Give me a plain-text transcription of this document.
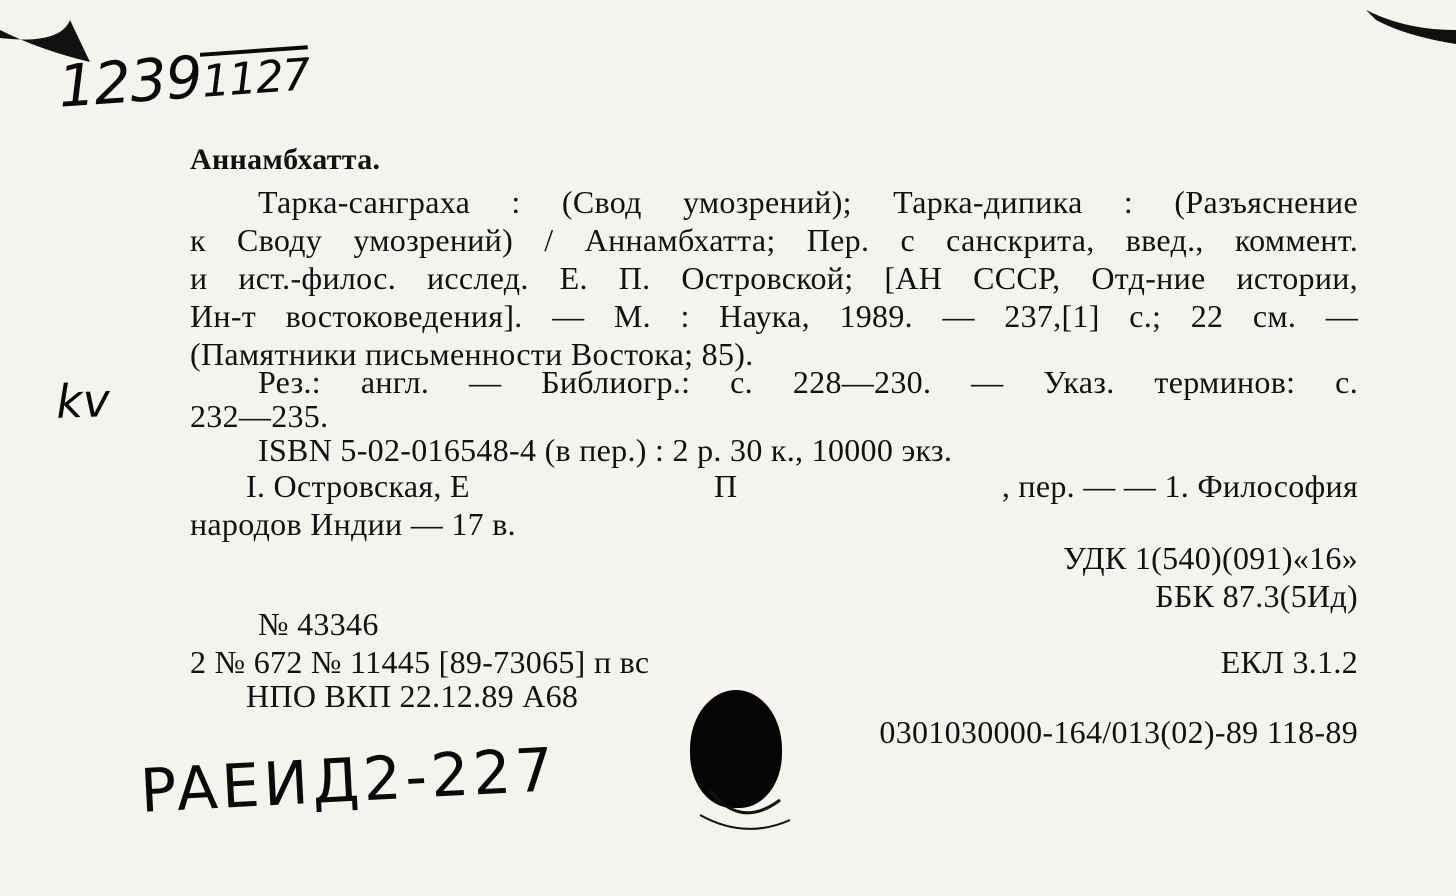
12391127
kv
PAEИД2-227
Аннамбхатта.
Тарка-санграха : (Свод умозрений); Тарка-дипика : (Разъяснение
к Своду умозрений) / Аннамбхатта; Пер. с санскрита, введ., коммент.
и ист.-филос. исслед. Е. П. Островской; [АН СССР, Отд-ние истории,
Ин-т востоковедения]. — М. : Наука, 1989. — 237,[1] с.; 22 см. —
(Памятники письменности Востока; 85).
Рез.: англ. — Библиогр.: с. 228—230. — Указ. терминов: с.
232—235.
ISBN 5-02-016548-4 (в пер.) : 2 р. 30 к., 10000 экз.
I. Островская, Е	П	, пер. — — 1. Философия
народов Индии — 17 в.
УДК 1(540)(091)«16»
ББК 87.3(5Ид)
№ 43346
2 № 672 № 11445 [89-73065] п вс	ЕКЛ 3.1.2
НПО ВКП 22.12.89 А68
0301030000-164/013(02)-89 118-89
